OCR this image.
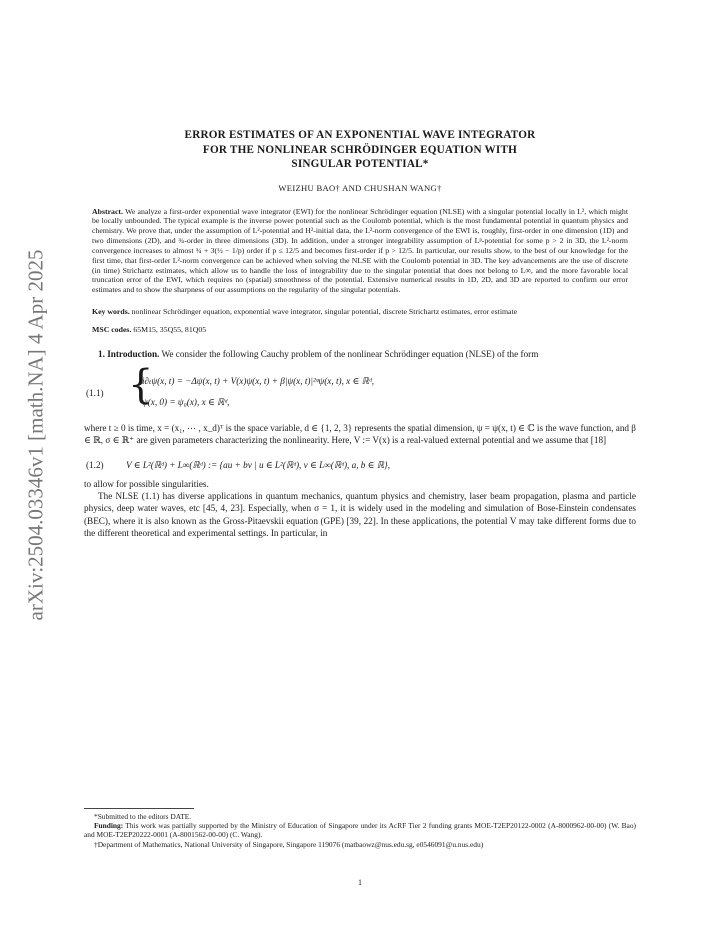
arXiv:2504.03346v1 [math.NA] 4 Apr 2025
ERROR ESTIMATES OF AN EXPONENTIAL WAVE INTEGRATOR
FOR THE NONLINEAR SCHRÖDINGER EQUATION WITH
SINGULAR POTENTIAL*
WEIZHU BAO† AND CHUSHAN WANG†
Abstract. We analyze a first-order exponential wave integrator (EWI) for the nonlinear Schrödinger equation (NLSE) with a singular potential locally in L², which might be locally unbounded. The typical example is the inverse power potential such as the Coulomb potential, which is the most fundamental potential in quantum physics and chemistry. We prove that, under the assumption of L²-potential and H²-initial data, the L²-norm convergence of the EWI is, roughly, first-order in one dimension (1D) and two dimensions (2D), and ¾-order in three dimensions (3D). In addition, under a stronger integrability assumption of Lᵖ-potential for some p > 2 in 3D, the L²-norm convergence increases to almost ¾ + 3(½ − 1/p) order if p ≤ 12/5 and becomes first-order if p > 12/5. In particular, our results show, to the best of our knowledge for the first time, that first-order L²-norm convergence can be achieved when solving the NLSE with the Coulomb potential in 3D. The key advancements are the use of discrete (in time) Strichartz estimates, which allow us to handle the loss of integrability due to the singular potential that does not belong to L∞, and the more favorable local truncation error of the EWI, which requires no (spatial) smoothness of the potential. Extensive numerical results in 1D, 2D, and 3D are reported to confirm our error estimates and to show the sharpness of our assumptions on the regularity of the singular potentials.
Key words. nonlinear Schrödinger equation, exponential wave integrator, singular potential, discrete Strichartz estimates, error estimate
MSC codes. 65M15, 35Q55, 81Q05
1. Introduction. We consider the following Cauchy problem of the nonlinear Schrödinger equation (NLSE) of the form
(1.1) {
i∂ₜψ(x, t) = −Δψ(x, t) + V(x)ψ(x, t) + β|ψ(x, t)|²ᵠψ(x, t), x ∈ ℝᵈ,
ψ(x, 0) = ψ₀(x), x ∈ ℝᵈ,
where t ≥ 0 is time, x = (x₁, ⋯ , x_d)ᵀ is the space variable, d ∈ {1, 2, 3} represents the spatial dimension, ψ = ψ(x, t) ∈ ℂ is the wave function, and β ∈ ℝ, σ ∈ ℝ⁺ are given parameters characterizing the nonlinearity. Here, V := V(x) is a real-valued external potential and we assume that [18]
(1.2) V ∈ L²(ℝᵈ) + L∞(ℝᵈ) := {au + bv | u ∈ L²(ℝᵈ), v ∈ L∞(ℝᵈ), a, b ∈ ℝ},
to allow for possible singularities.
The NLSE (1.1) has diverse applications in quantum mechanics, quantum physics and chemistry, laser beam propagation, plasma and particle physics, deep water waves, etc [45, 4, 23]. Especially, when σ = 1, it is widely used in the modeling and simulation of Bose-Einstein condensates (BEC), where it is also known as the Gross-Pitaevskii equation (GPE) [39, 22]. In these applications, the potential V may take different forms due to the different theoretical and experimental settings. In particular, in
*Submitted to the editors DATE.
Funding: This work was partially supported by the Ministry of Education of Singapore under its AcRF Tier 2 funding grants MOE-T2EP20122-0002 (A-8000962-00-00) (W. Bao) and MOE-T2EP20222-0001 (A-8001562-00-00) (C. Wang).
†Department of Mathematics, National University of Singapore, Singapore 119076 (matbaowz@nus.edu.sg, e0546091@u.nus.edu)
1
